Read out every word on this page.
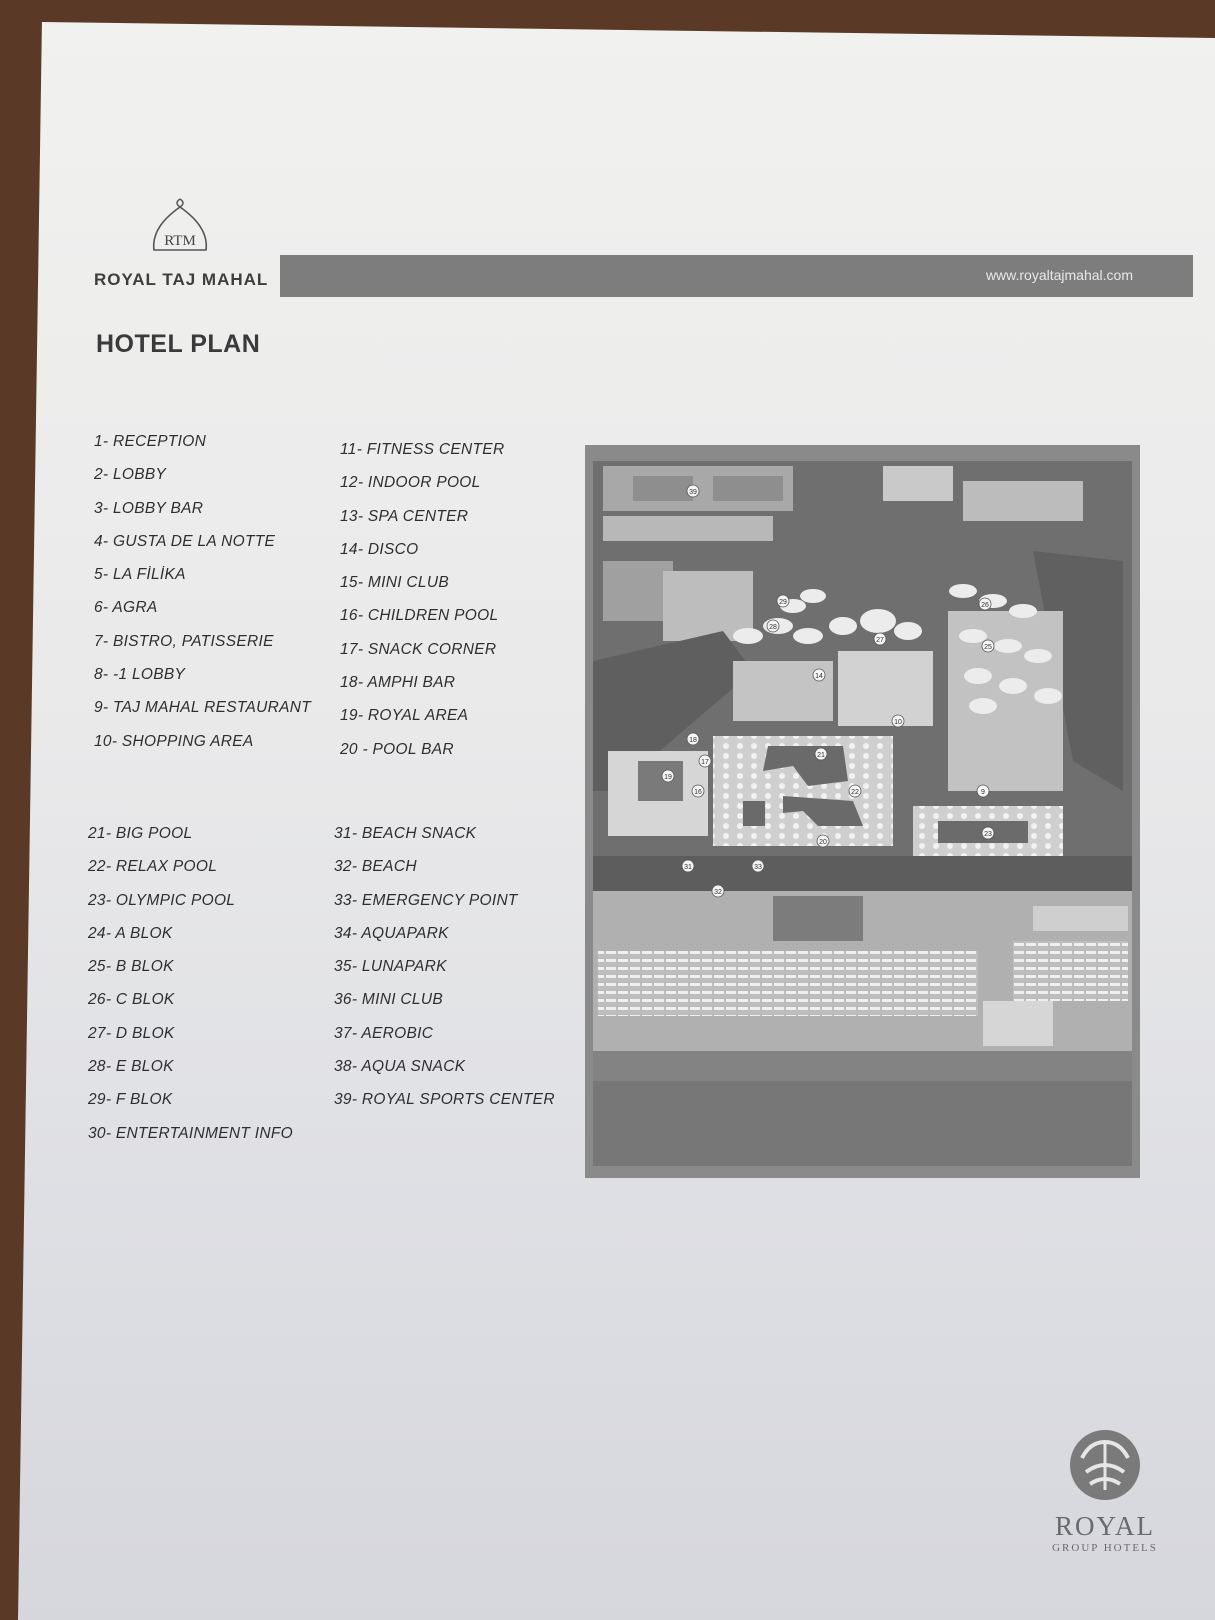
RTM
ROYAL TAJ MAHAL	www.royaltajmahal.com
HOTEL PLAN
1- RECEPTION
2- LOBBY
3- LOBBY BAR
4- GUSTA DE LA NOTTE
5- LA FİLİKA
6- AGRA
7- BISTRO, PATISSERIE
8- -1 LOBBY
9- TAJ MAHAL RESTAURANT
10- SHOPPING AREA
11- FITNESS CENTER
12- INDOOR POOL
13- SPA CENTER
14- DISCO
15- MINI CLUB
16- CHILDREN POOL
17- SNACK CORNER
18- AMPHI BAR
19- ROYAL AREA
20 - POOL BAR
21- BIG POOL
22- RELAX POOL
23- OLYMPIC POOL
24- A BLOK
25- B BLOK
26- C BLOK
27- D BLOK
28- E BLOK
29- F BLOK
30- ENTERTAINMENT INFO
31- BEACH SNACK
32- BEACH
33- EMERGENCY POINT
34- AQUAPARK
35- LUNAPARK
36- MINI CLUB
37- AEROBIC
38- AQUA SNACK
39- ROYAL SPORTS CENTER
39
21
22
23
25
26
27
28
29
19
16
17
18
20
9
10
31
32
33
14
ROYAL
GROUP HOTELS
